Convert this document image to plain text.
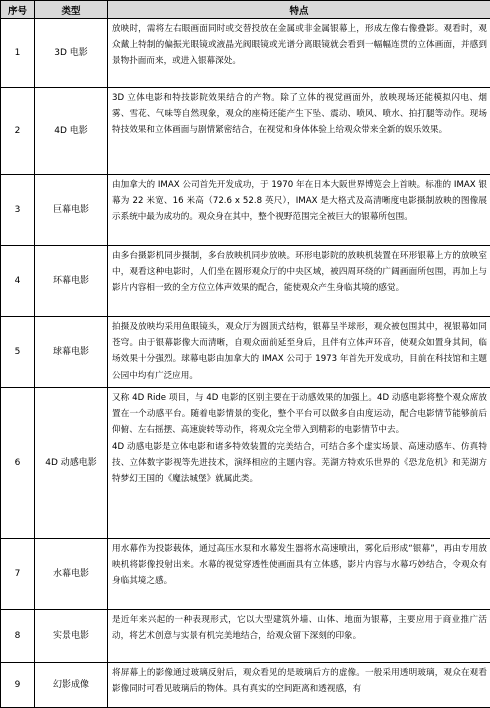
序号	类型	特点
1	3D 电影	放映时，需将左右眼画面同时或交替投放在金属或非金属银幕上，形成左像右像叠影。观看时，观众戴上特制的偏振光眼镜或液晶光阀眼镜或光谱分离眼镜就会看到一幅幅连贯的立体画面，并感到景物扑面而来，或进入银幕深处。

2	4D 电影	3D 立体电影和特技影院效果结合的产物。除了立体的视觉画面外，放映现场还能模拟闪电、烟雾、雪花、气味等自然现象，观众的座椅还能产生下坠、震动、喷风、喷水、拍打腿等动作。现场特技效果和立体画面与剧情紧密结合，在视觉和身体体验上给观众带来全新的娱乐效果。

3	巨幕电影	由加拿大的 IMAX 公司首先开发成功，于 1970 年在日本大阪世界博览会上首映。标准的 IMAX 银幕为 22 米宽、16 米高（72.6 x 52.8 英尺），IMAX 是大格式及高清晰度电影摄制放映的图像展示系统中最为成功的。观众身在其中，整个视野范围完全被巨大的银幕所包围。

4	环幕电影	由多台摄影机同步摄制，多台放映机同步放映。环形电影院的放映机装置在环形银幕上方的放映室中，观看这种电影时，人们坐在圆形观众厅的中央区域，被四周环绕的广阔画面所包围，再加上与影片内容相一致的全方位立体声效果的配合，能使观众产生身临其境的感觉。

5	球幕电影	拍摄及放映均采用鱼眼镜头，观众厅为圆顶式结构，银幕呈半球形，观众被包围其中，视银幕如同苍穹。由于银幕影像大而清晰，自观众面前延至身后，且伴有立体声环音，使观众如置身其间，临场效果十分强烈。球幕电影由加拿大的 IMAX 公司于 1973 年首先开发成功，目前在科技馆和主题公园中均有广泛应用。

6	4D 动感电影	又称 4D Ride 项目，与 4D 电影的区别主要在于动感效果的加强上。4D 动感电影将整个观众席放置在一个动感平台。随着电影情景的变化，整个平台可以做多自由度运动，配合电影情节能够前后仰俯、左右摇摆、高速旋转等动作，将观众完全带入到精彩的电影情节中去。

4D 动感电影是立体电影和诸多特效装置的完美结合，可结合多个虚实场景、高速动感车、仿真特技、立体数字影视等先进技术，演绎相应的主题内容。芜湖方特欢乐世界的《恐龙危机》和芜湖方特梦幻王国的《魔法城堡》就属此类。

7	水幕电影	用水幕作为投影载体，通过高压水泵和水幕发生器将水高速喷出，雾化后形成“银幕”，再由专用放映机将影像投射出来。水幕的视觉穿透性使画面具有立体感，影片内容与水幕巧妙结合，令观众有身临其境之感。

8	实景电影	是近年来兴起的一种表现形式，它以大型建筑外墙、山体、地面为银幕，主要应用于商业推广活动，将艺术创意与实景有机完美地结合，给观众留下深刻的印象。

9	幻影成像	将屏幕上的影像通过玻璃反射后，观众看见的是玻璃后方的虚像。一般采用透明玻璃，观众在观看影像同时可看见玻璃后的物体。具有真实的空间距离和透视感，有
